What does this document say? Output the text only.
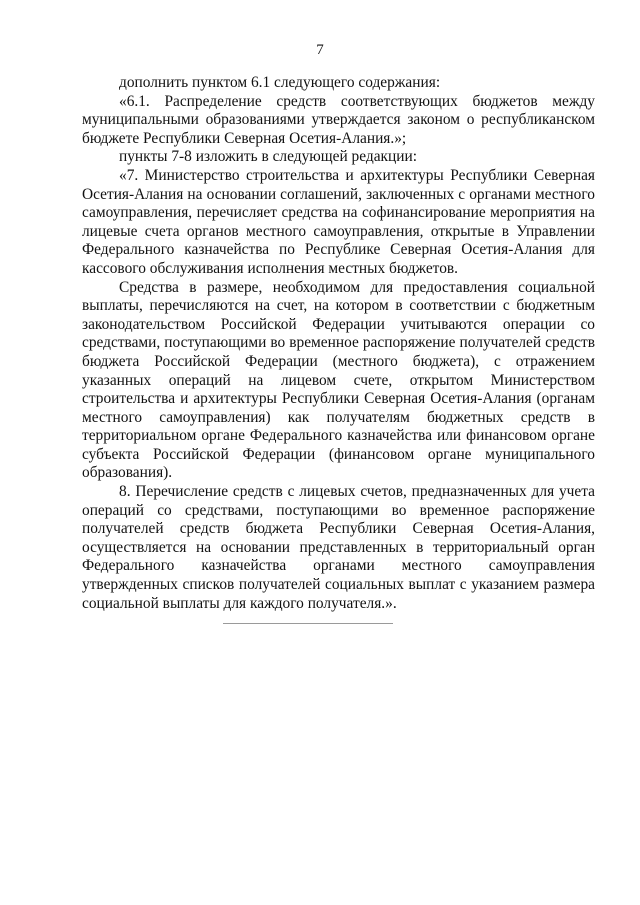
7

дополнить пунктом 6.1 следующего содержания:

«6.1. Распределение средств соответствующих бюджетов между муниципальными образованиями утверждается законом о республиканском бюджете Республики Северная Осетия-Алания.»;

пункты 7-8 изложить в следующей редакции:

«7. Министерство строительства и архитектуры Республики Северная Осетия-Алания на основании соглашений, заключенных с органами местного самоуправления, перечисляет средства на софинансирование мероприятия на лицевые счета органов местного самоуправления, открытые в Управлении Федерального казначейства по Республике Северная Осетия-Алания для кассового обслуживания исполнения местных бюджетов.

Средства в размере, необходимом для предоставления социальной выплаты, перечисляются на счет, на котором в соответствии с бюджетным законодательством Российской Федерации учитываются операции со средствами, поступающими во временное распоряжение получателей средств бюджета Российской Федерации (местного бюджета), с отражением указанных операций на лицевом счете, открытом Министерством строительства и архитектуры Республики Северная Осетия-Алания (органам местного самоуправления) как получателям бюджетных средств в территориальном органе Федерального казначейства или финансовом органе субъекта Российской Федерации (финансовом органе муниципального образования).

8. Перечисление средств с лицевых счетов, предназначенных для учета операций со средствами, поступающими во временное распоряжение получателей средств бюджета Республики Северная Осетия-Алания, осуществляется на основании представленных в территориальный орган Федерального казначейства органами местного самоуправления утвержденных списков получателей социальных выплат с указанием размера социальной выплаты для каждого получателя.».
